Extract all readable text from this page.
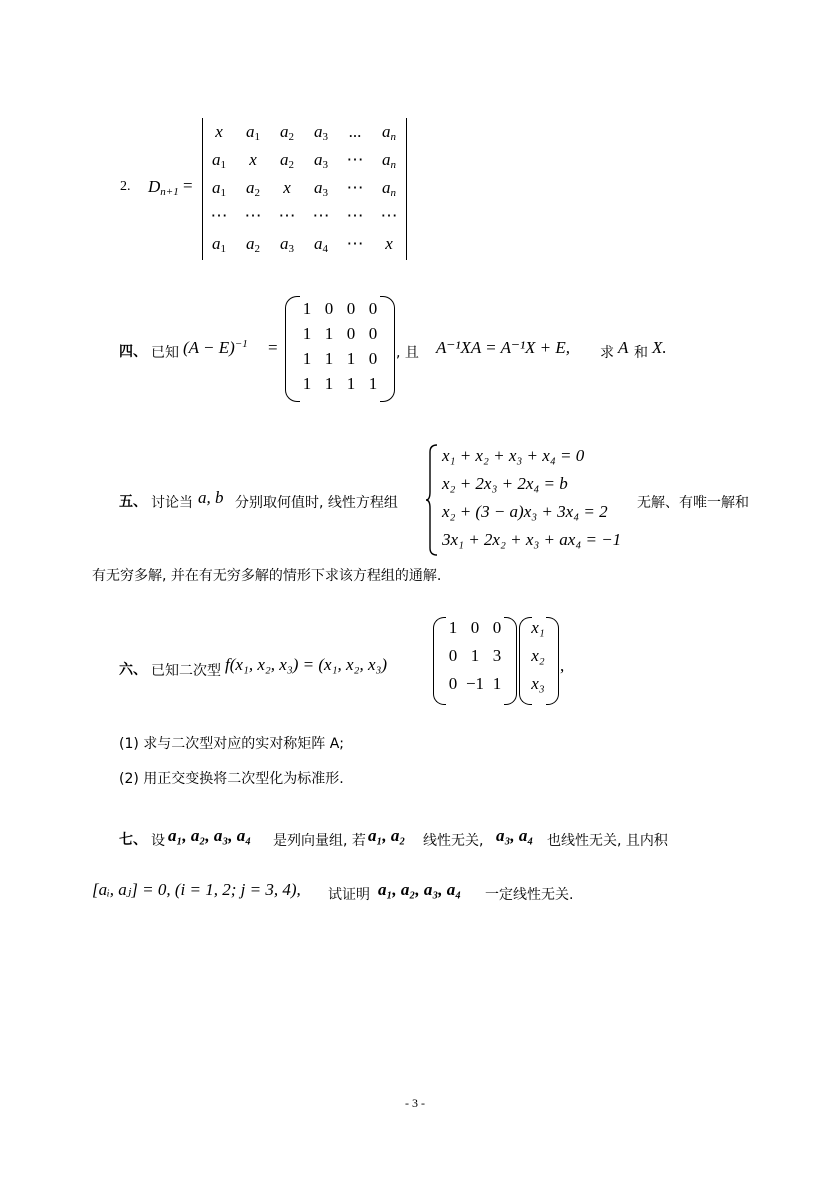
2. $D_{n+1}$ =
x	$a_1$	$a_2$	$a_3$	...	$a_n$
$a_1$	x	$a_2$	$a_3$	⋯	$a_n$
$a_1$	$a_2$	x	$a_3$	⋯	$a_n$
⋯	⋯	⋯	⋯	⋯	⋯
$a_1$	$a_2$	$a_3$	$a_4$	⋯	x
四、 已知 $(A - E)^{-1}$ =
1 0 0 0
1 1 0 0
1 1 1 0
1 1 1 1
, 且 A⁻¹XA = A⁻¹X + E, 求 A 和 X.
五、 讨论当 a, b 分别取何值时, 线性方程组
x₁ + x₂ + x₃ + x₄ = 0
x₂ + 2x₃ + 2x₄ = b
x₂ + (3 − a)x₃ + 3x₄ = 2
3x₁ + 2x₂ + x₃ + ax₄ = −1
无解、有唯一解和
有无穷多解, 并在有无穷多解的情形下求该方程组的通解.
六、 已知二次型 f(x₁, x₂, x₃) = (x₁, x₂, x₃)
1 0 0
0 1 3
0 −1 1
x₁
x₂
x₃
,
(1) 求与二次型对应的实对称矩阵 A;
(2) 用正交变换将二次型化为标准形.
七、 设 a₁, a₂, a₃, a₄ 是列向量组, 若 a₁, a₂ 线性无关, a₃, a₄ 也线性无关, 且内积
[aᵢ, aⱼ] = 0, (i = 1, 2; j = 3, 4), 试证明 a₁, a₂, a₃, a₄ 一定线性无关.
- 3 -
